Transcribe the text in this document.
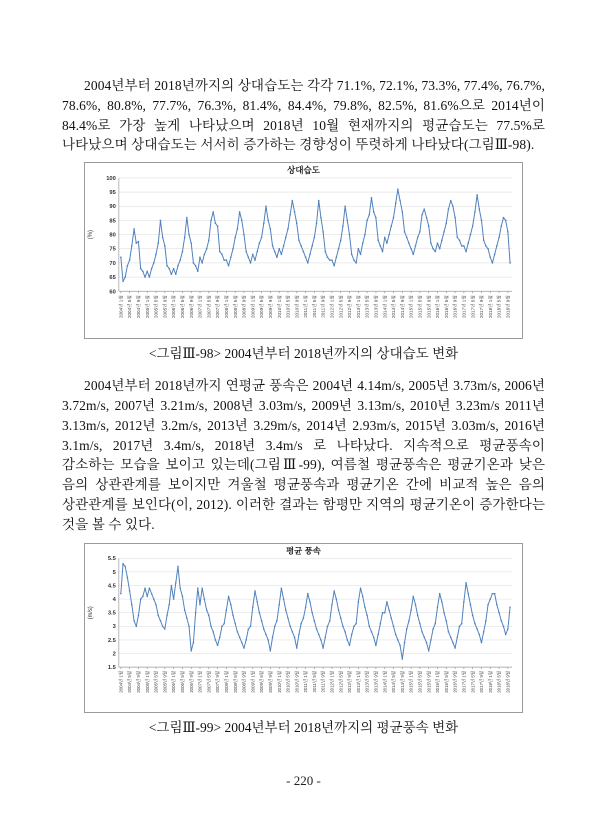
2004년부터 2018년까지의 상대습도는 각각 71.1%, 72.1%, 73.3%, 77.4%, 76.7%, 78.6%, 80.8%, 77.7%, 76.3%, 81.4%, 84.4%, 79.8%, 82.5%, 81.6%으로 2014년이 84.4%로 가장 높게 나타났으며 2018년 10월 현재까지의 평균습도는 77.5%로 나타났으며 상대습도는 서서히 증가하는 경향성이 뚜렷하게 나타났다(그림Ⅲ-98).

상대습도
60
65
70
75
80
85
90
95
100
(%)
2004년 1월 2004년 5월 2004년 9월 2005년 1월 2005년 5월 2005년 9월 2006년 1월 2006년 5월 2006년 9월 2007년 1월 2007년 5월 2007년 9월 2008년 1월 2008년 5월 2008년 9월 2009년 1월 2009년 5월 2009년 9월 2010년 1월 2010년 5월 2010년 9월 2011년 1월 2011년 5월 2011년 9월 2012년 1월 2012년 5월 2012년 9월 2013년 1월 2013년 5월 2013년 9월 2014년 1월 2014년 5월 2014년 9월 2015년 1월 2015년 5월 2015년 9월 2016년 1월 2016년 5월 2016년 9월 2017년 1월 2017년 5월 2017년 9월 2018년 1월 2018년 5월 2018년 9월

<그림Ⅲ-98> 2004년부터 2018년까지의 상대습도 변화

2004년부터 2018년까지 연평균 풍속은 2004년 4.14m/s, 2005년 3.73m/s, 2006년 3.72m/s, 2007년 3.21m/s, 2008년 3.03m/s, 2009년 3.13m/s, 2010년 3.23m/s 2011년 3.13m/s, 2012년 3.2m/s, 2013년 3.29m/s, 2014년 2.93m/s, 2015년 3.03m/s, 2016년 3.1m/s, 2017년 3.4m/s, 2018년 3.4m/s 로 나타났다. 지속적으로 평균풍속이 감소하는 모습을 보이고 있는데(그림Ⅲ-99), 여름철 평균풍속은 평균기온과 낮은 음의 상관관계를 보이지만 겨울철 평균풍속과 평균기온 간에 비교적 높은 음의 상관관계를 보인다(이, 2012). 이러한 결과는 함평만 지역의 평균기온이 증가한다는 것을 볼 수 있다.

평균 풍속
1.5
2
2.5
3
3.5
4
4.5
5
5.5
(m/s)
2004년 1월 2004년 5월 2004년 9월 2005년 1월 2005년 5월 2005년 9월 2006년 1월 2006년 5월 2006년 9월 2007년 1월 2007년 5월 2007년 9월 2008년 1월 2008년 5월 2008년 9월 2009년 1월 2009년 5월 2009년 9월 2010년 1월 2010년 5월 2010년 9월 2011년 1월 2011년 5월 2011년 9월 2012년 1월 2012년 5월 2012년 9월 2013년 1월 2013년 5월 2013년 9월 2014년 1월 2014년 5월 2014년 9월 2015년 1월 2015년 5월 2015년 9월 2016년 1월 2016년 5월 2016년 9월 2017년 1월 2017년 5월 2017년 9월 2018년 1월 2018년 5월 2018년 9월

<그림Ⅲ-99> 2004년부터 2018년까지의 평균풍속 변화

- 220 -
